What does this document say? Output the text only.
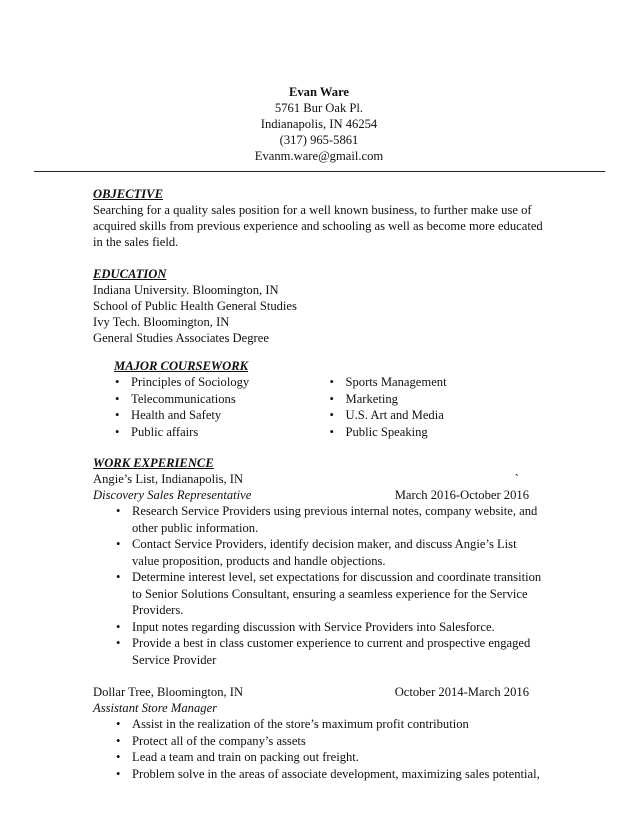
Evan Ware
5761 Bur Oak Pl.
Indianapolis, IN 46254
(317) 965-5861
Evanm.ware@gmail.com
OBJECTIVE
Searching for a quality sales position for a well known business, to further make use of acquired skills from previous experience and schooling as well as become more educated in the sales field.
EDUCATION
Indiana University. Bloomington, IN
School of Public Health General Studies
Ivy Tech. Bloomington, IN
General Studies Associates Degree
MAJOR COURSEWORK
• Principles of Sociology
• Telecommunications
• Health and Safety
• Public affairs
• Sports Management
• Marketing
• U.S. Art and Media
• Public Speaking
WORK EXPERIENCE
Angie’s List, Indianapolis, IN	`
Discovery Sales Representative	March 2016-October 2016
• Research Service Providers using previous internal notes, company website, and other public information.
• Contact Service Providers, identify decision maker, and discuss Angie’s List value proposition, products and handle objections.
• Determine interest level, set expectations for discussion and coordinate transition to Senior Solutions Consultant, ensuring a seamless experience for the Service Providers.
• Input notes regarding discussion with Service Providers into Salesforce.
• Provide a best in class customer experience to current and prospective engaged Service Provider
Dollar Tree, Bloomington, IN	October 2014-March 2016
Assistant Store Manager
• Assist in the realization of the store’s maximum profit contribution
• Protect all of the company’s assets
• Lead a team and train on packing out freight.
• Problem solve in the areas of associate development, maximizing sales potential,
